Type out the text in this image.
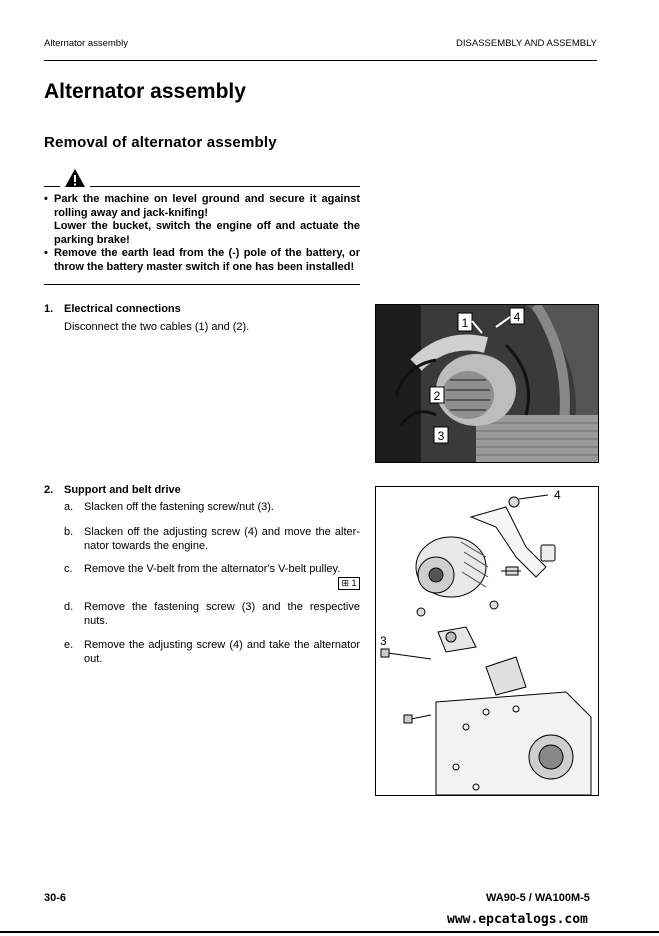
Alternator assembly	DISASSEMBLY AND ASSEMBLY
Alternator assembly
Removal of alternator assembly
• Park the machine on level ground and secure it against
rolling away and jack-knifing!
Lower the bucket, switch the engine off and actuate the
parking brake!
• Remove the earth lead from the (-) pole of the battery, or
throw the battery master switch if one has been installed!
1. Electrical connections
Disconnect the two cables (1) and (2).	1	4
2
3
2. Support and belt drive
a. Slacken off the fastening screw/nut (3).
b. Slacken off the adjusting screw (4) and move the alter-
nator towards the engine.
c. Remove the V-belt from the alternator's V-belt pulley.
⊞ 1
d. Remove the fastening screw (3) and the respective
nuts.
e. Remove the adjusting screw (4) and take the alternator
out.
4
3
30-6	WA90-5 / WA100M-5
www.epcatalogs.com
